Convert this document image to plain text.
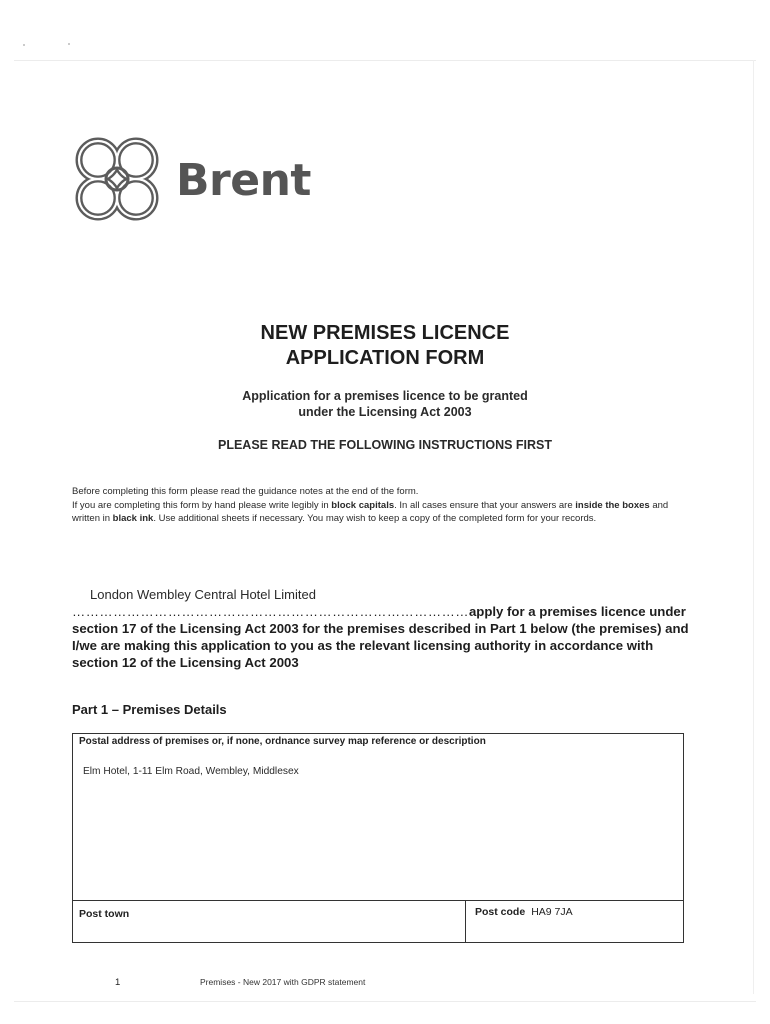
Brent
NEW PREMISES LICENCE
APPLICATION FORM
Application for a premises licence to be granted
under the Licensing Act 2003
PLEASE READ THE FOLLOWING INSTRUCTIONS FIRST

Before completing this form please read the guidance notes at the end of the form.

If you are completing this form by hand please write legibly in block capitals. In all cases ensure that your answers are inside the boxes and written in black ink. Use additional sheets if necessary. You may wish to keep a copy of the completed form for your records.

London Wembley Central Hotel Limited
……………………………………………………………………………apply for a premises licence under section 17 of the Licensing Act 2003 for the premises described in Part 1 below (the premises) and I/we are making this application to you as the relevant licensing authority in accordance with section 12 of the Licensing Act 2003
Part 1 – Premises Details
Postal address of premises or, if none, ordnance survey map reference or description
Elm Hotel, 1-11 Elm Road, Wembley, Middlesex
Post town	Post code HA9 7JA
1	Premises - New 2017 with GDPR statement
